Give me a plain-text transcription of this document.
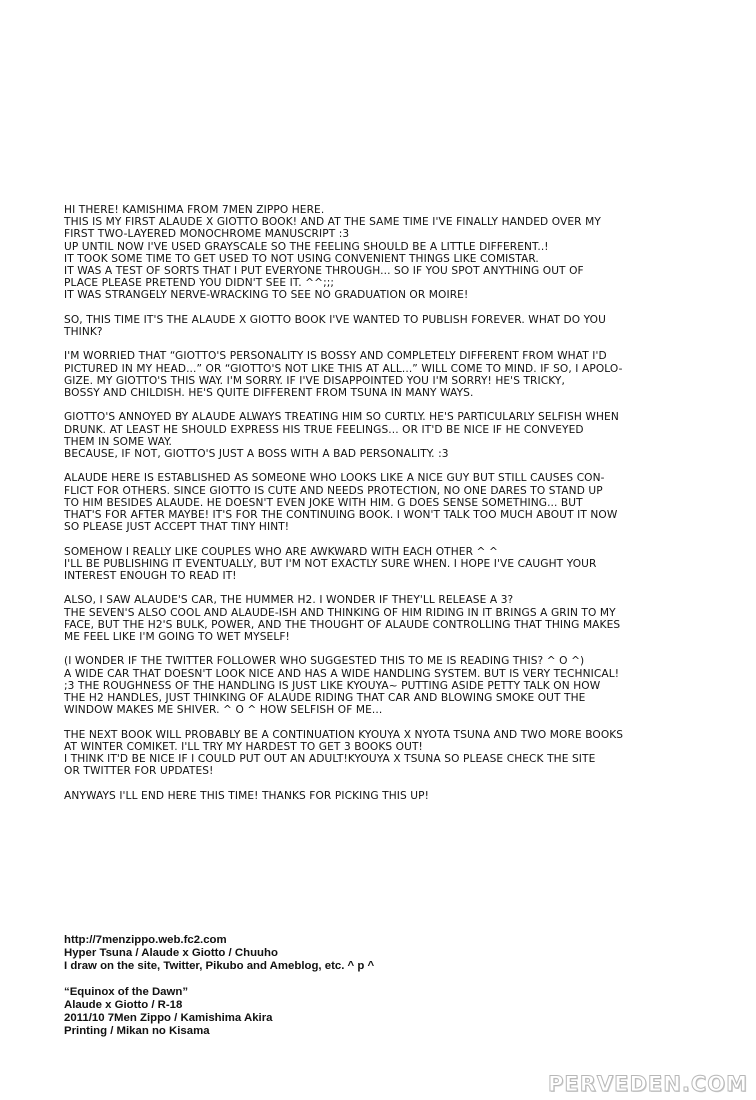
HI THERE! KAMISHIMA FROM 7MEN ZIPPO HERE.
THIS IS MY FIRST ALAUDE X GIOTTO BOOK! AND AT THE SAME TIME I'VE FINALLY HANDED OVER MY
FIRST TWO-LAYERED MONOCHROME MANUSCRIPT :3
UP UNTIL NOW I'VE USED GRAYSCALE SO THE FEELING SHOULD BE A LITTLE DIFFERENT..!
IT TOOK SOME TIME TO GET USED TO NOT USING CONVENIENT THINGS LIKE COMISTAR.
IT WAS A TEST OF SORTS THAT I PUT EVERYONE THROUGH... SO IF YOU SPOT ANYTHING OUT OF
PLACE PLEASE PRETEND YOU DIDN'T SEE IT. ^^;;;
IT WAS STRANGELY NERVE-WRACKING TO SEE NO GRADUATION OR MOIRE!
SO, THIS TIME IT'S THE ALAUDE X GIOTTO BOOK I'VE WANTED TO PUBLISH FOREVER. WHAT DO YOU
THINK?
I'M WORRIED THAT “GIOTTO'S PERSONALITY IS BOSSY AND COMPLETELY DIFFERENT FROM WHAT I'D
PICTURED IN MY HEAD...” OR “GIOTTO'S NOT LIKE THIS AT ALL...” WILL COME TO MIND. IF SO, I APOLO-
GIZE. MY GIOTTO'S THIS WAY. I'M SORRY. IF I'VE DISAPPOINTED YOU I'M SORRY! HE'S TRICKY,
BOSSY AND CHILDISH. HE'S QUITE DIFFERENT FROM TSUNA IN MANY WAYS.
GIOTTO'S ANNOYED BY ALAUDE ALWAYS TREATING HIM SO CURTLY. HE'S PARTICULARLY SELFISH WHEN
DRUNK. AT LEAST HE SHOULD EXPRESS HIS TRUE FEELINGS... OR IT'D BE NICE IF HE CONVEYED
THEM IN SOME WAY.
BECAUSE, IF NOT, GIOTTO'S JUST A BOSS WITH A BAD PERSONALITY. :3
ALAUDE HERE IS ESTABLISHED AS SOMEONE WHO LOOKS LIKE A NICE GUY BUT STILL CAUSES CON-
FLICT FOR OTHERS. SINCE GIOTTO IS CUTE AND NEEDS PROTECTION, NO ONE DARES TO STAND UP
TO HIM BESIDES ALAUDE. HE DOESN'T EVEN JOKE WITH HIM. G DOES SENSE SOMETHING... BUT
THAT'S FOR AFTER MAYBE! IT'S FOR THE CONTINUING BOOK. I WON'T TALK TOO MUCH ABOUT IT NOW
SO PLEASE JUST ACCEPT THAT TINY HINT!
SOMEHOW I REALLY LIKE COUPLES WHO ARE AWKWARD WITH EACH OTHER ^ ^
I'LL BE PUBLISHING IT EVENTUALLY, BUT I'M NOT EXACTLY SURE WHEN. I HOPE I'VE CAUGHT YOUR
INTEREST ENOUGH TO READ IT!
ALSO, I SAW ALAUDE'S CAR, THE HUMMER H2. I WONDER IF THEY'LL RELEASE A 3?
THE SEVEN'S ALSO COOL AND ALAUDE-ISH AND THINKING OF HIM RIDING IN IT BRINGS A GRIN TO MY
FACE, BUT THE H2'S BULK, POWER, AND THE THOUGHT OF ALAUDE CONTROLLING THAT THING MAKES
ME FEEL LIKE I'M GOING TO WET MYSELF!
(I WONDER IF THE TWITTER FOLLOWER WHO SUGGESTED THIS TO ME IS READING THIS? ^ O ^)
A WIDE CAR THAT DOESN'T LOOK NICE AND HAS A WIDE HANDLING SYSTEM. BUT IS VERY TECHNICAL!
;3 THE ROUGHNESS OF THE HANDLING IS JUST LIKE KYOUYA~ PUTTING ASIDE PETTY TALK ON HOW
THE H2 HANDLES, JUST THINKING OF ALAUDE RIDING THAT CAR AND BLOWING SMOKE OUT THE
WINDOW MAKES ME SHIVER. ^ O ^ HOW SELFISH OF ME...
THE NEXT BOOK WILL PROBABLY BE A CONTINUATION KYOUYA X NYOTA TSUNA AND TWO MORE BOOKS
AT WINTER COMIKET. I'LL TRY MY HARDEST TO GET 3 BOOKS OUT!
I THINK IT'D BE NICE IF I COULD PUT OUT AN ADULT!KYOUYA X TSUNA SO PLEASE CHECK THE SITE
OR TWITTER FOR UPDATES!
ANYWAYS I'LL END HERE THIS TIME! THANKS FOR PICKING THIS UP!
http://7menzippo.web.fc2.com
Hyper Tsuna / Alaude x Giotto / Chuuho
I draw on the site, Twitter, Pikubo and Ameblog, etc. ^ p ^
“Equinox of the Dawn”
Alaude x Giotto / R-18
2011/10 7Men Zippo / Kamishima Akira
Printing / Mikan no Kisama
PERVEDEN.COM
